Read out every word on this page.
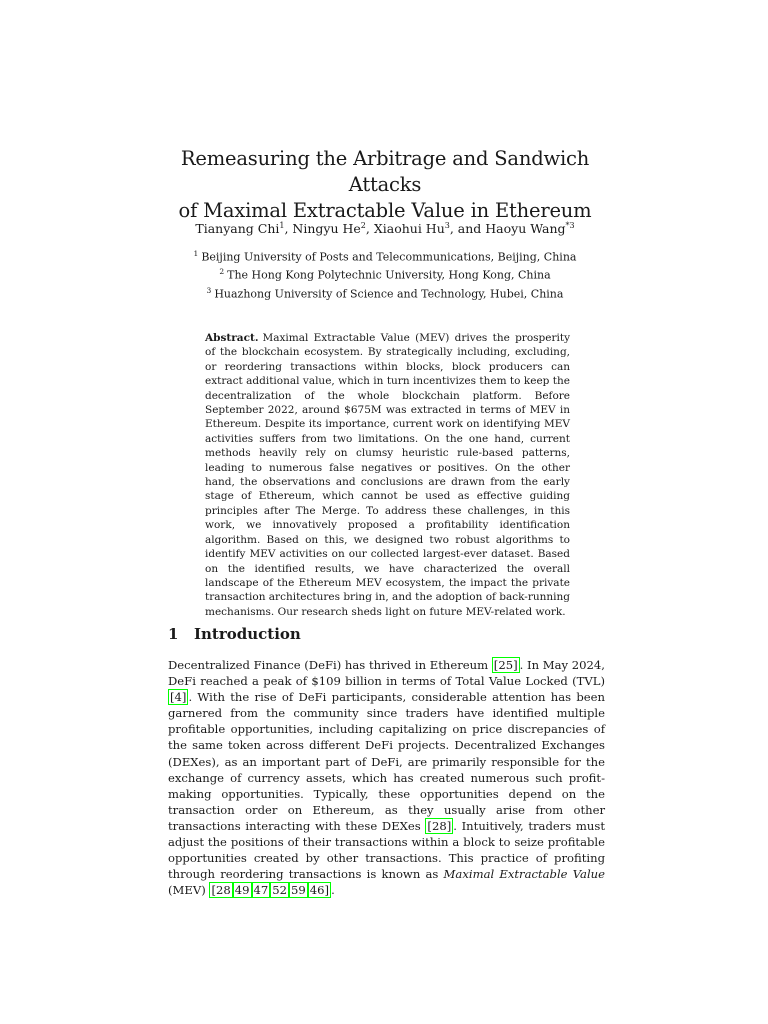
Remeasuring the Arbitrage and Sandwich Attacks
of Maximal Extractable Value in Ethereum
Tianyang Chi$^1$, Ningyu He$^2$, Xiaohui Hu$^3$, and Haoyu Wang$^{*3}$
$^1$ Beijing University of Posts and Telecommunications, Beijing, China
$^2$ The Hong Kong Polytechnic University, Hong Kong, China
$^3$ Huazhong University of Science and Technology, Hubei, China

Abstract. Maximal Extractable Value (MEV) drives the prosperity of the blockchain ecosystem. By strategically including, excluding, or reordering transactions within blocks, block producers can extract additional value, which in turn incentivizes them to keep the decentralization of the whole blockchain platform. Before September 2022, around $675M was extracted in terms of MEV in Ethereum. Despite its importance, current work on identifying MEV activities suffers from two limitations. On the one hand, current methods heavily rely on clumsy heuristic rule-based patterns, leading to numerous false negatives or positives. On the other hand, the observations and conclusions are drawn from the early stage of Ethereum, which cannot be used as effective guiding principles after The Merge. To address these challenges, in this work, we innovatively proposed a profitability identification algorithm. Based on this, we designed two robust algorithms to identify MEV activities on our collected largest-ever dataset. Based on the identified results, we have characterized the overall landscape of the Ethereum MEV ecosystem, the impact the private transaction architectures bring in, and the adoption of back-running mechanisms. Our research sheds light on future MEV-related work.

1 Introduction

Decentralized Finance (DeFi) has thrived in Ethereum [25] . In May 2024, DeFi reached a peak of $109 billion in terms of Total Value Locked (TVL) [4] . With the rise of DeFi participants, considerable attention has been garnered from the community since traders have identified multiple profitable opportunities, including capitalizing on price discrepancies of the same token across different DeFi projects. Decentralized Exchanges (DEXes), as an important part of DeFi, are primarily responsible for the exchange of currency assets, which has created numerous such profit-making opportunities. Typically, these opportunities depend on the transaction order on Ethereum, as they usually arise from other transactions interacting with these DEXes [28] . Intuitively, traders must adjust the positions of their transactions within a block to seize profitable opportunities created by other transactions. This practice of profiting through reordering transactions is known as Maximal Extractable Value (MEV) [28 49 47 52 59 46] .
